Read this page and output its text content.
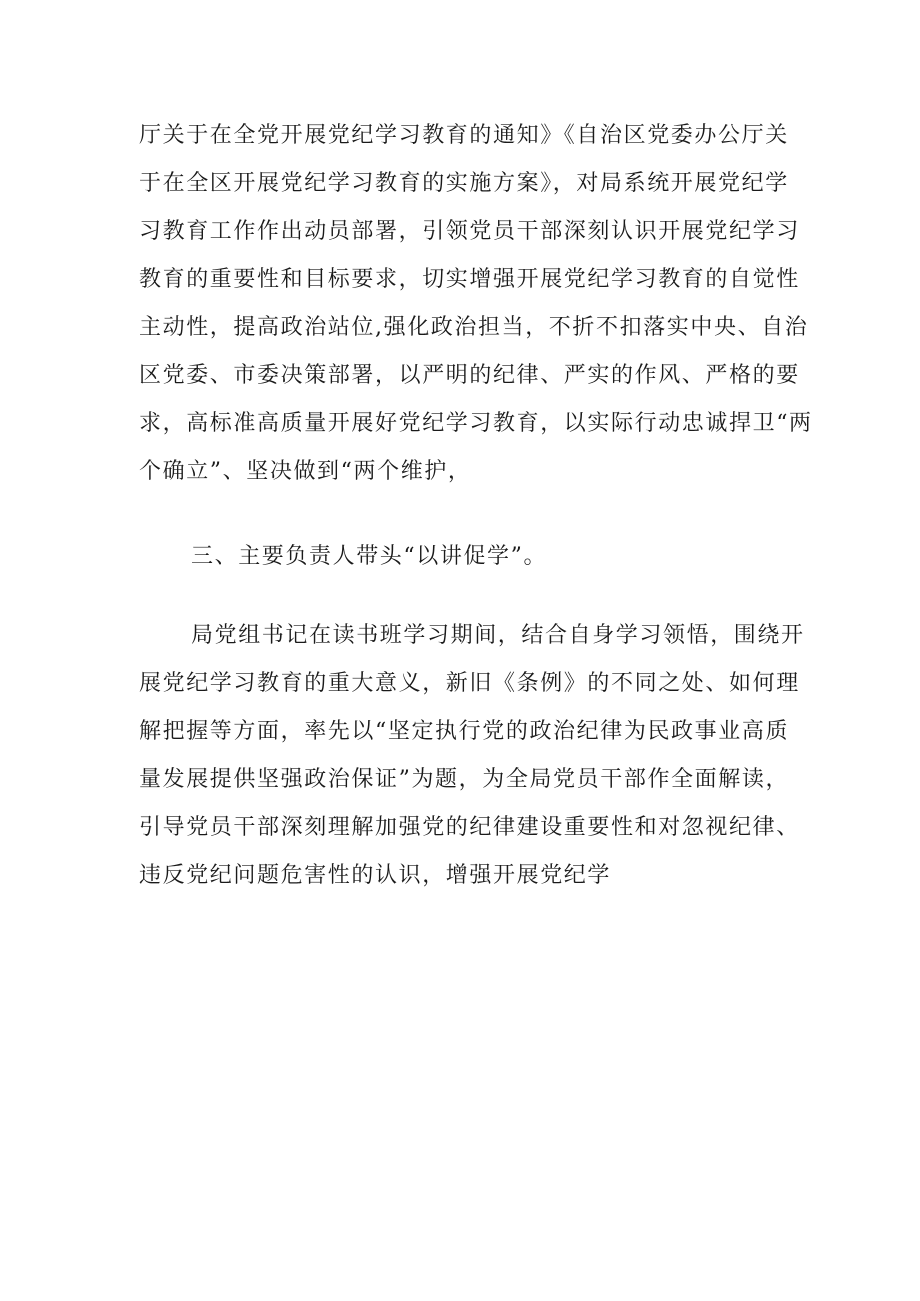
厅关于在全党开展党纪学习教育的通知》《自治区党委办公厅关
于在全区开展党纪学习教育的实施方案》，对局系统开展党纪学
习教育工作作出动员部署，引领党员干部深刻认识开展党纪学习
教育的重要性和目标要求，切实增强开展党纪学习教育的自觉性
主动性，提高政治站位,强化政治担当，不折不扣落实中央、自治
区党委、市委决策部署，以严明的纪律、严实的作风、严格的要
求，高标准高质量开展好党纪学习教育，以实际行动忠诚捍卫“两
个确立”、坚决做到“两个维护，
三、主要负责人带头“以讲促学”。
局党组书记在读书班学习期间，结合自身学习领悟，围绕开
展党纪学习教育的重大意义，新旧《条例》的不同之处、如何理
解把握等方面，率先以“坚定执行党的政治纪律为民政事业高质
量发展提供坚强政治保证”为题，为全局党员干部作全面解读，
引导党员干部深刻理解加强党的纪律建设重要性和对忽视纪律、
违反党纪问题危害性的认识，增强开展党纪学
